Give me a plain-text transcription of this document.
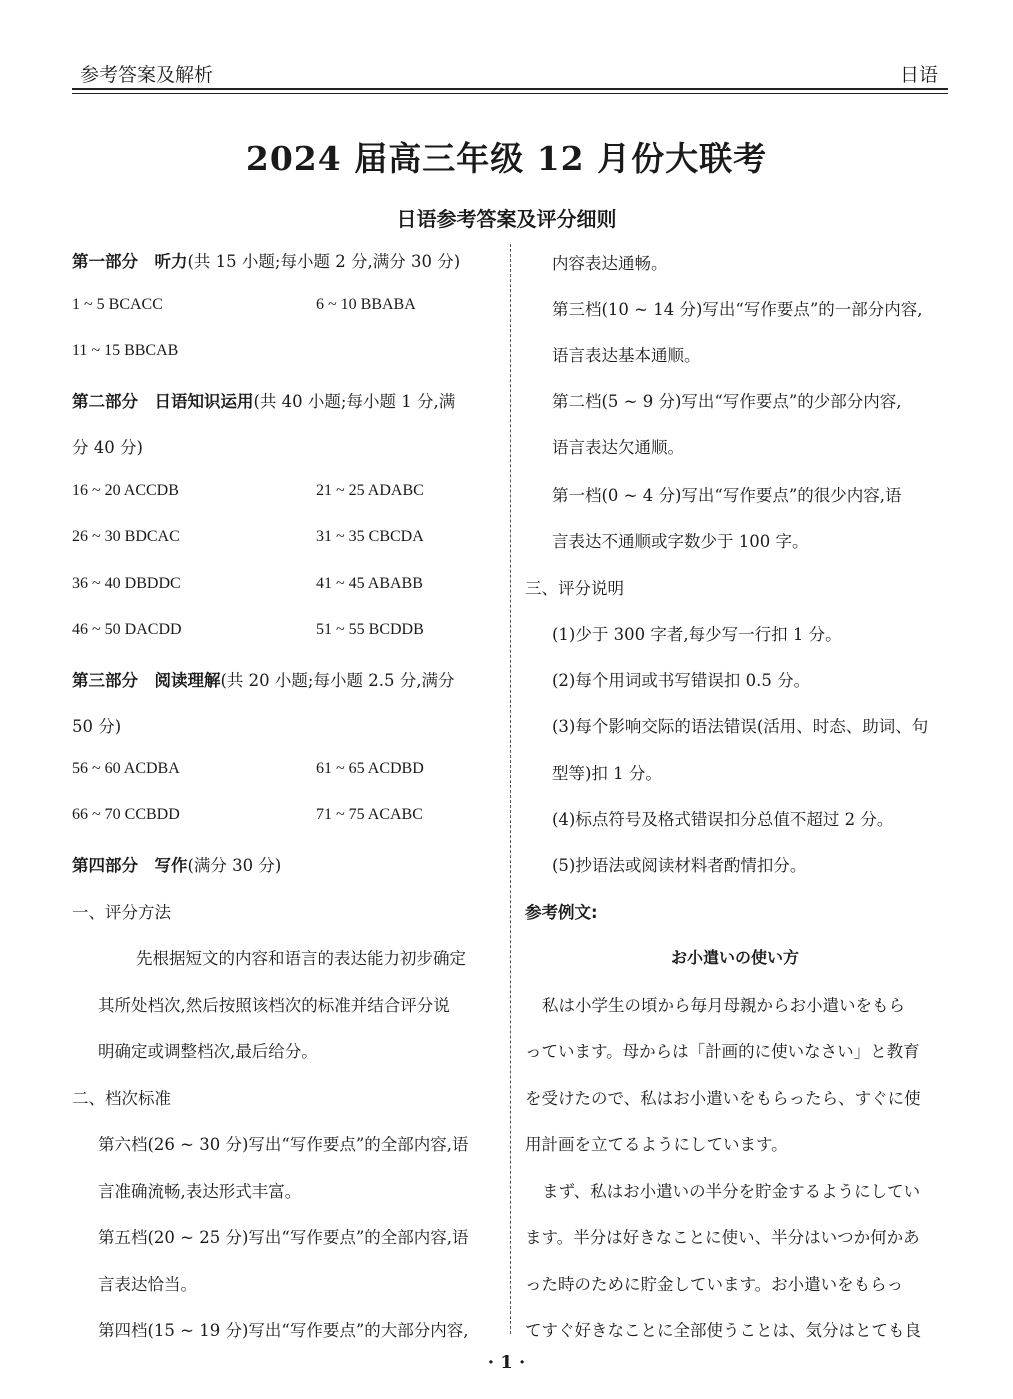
参考答案及解析	日语
2024 届高三年级 12 月份大联考
日语参考答案及评分细则
第一部分　听力(共 15 小题;每小题 2 分,满分 30 分)
1 ~ 5 BCACC	6 ~ 10 BBABA
11 ~ 15 BBCAB
第二部分　日语知识运用(共 40 小题;每小题 1 分,满
分 40 分)
16 ~ 20 ACCDB	21 ~ 25 ADABC
26 ~ 30 BDCAC	31 ~ 35 CBCDA
36 ~ 40 DBDDC	41 ~ 45 ABABB
46 ~ 50 DACDD	51 ~ 55 BCDDB
第三部分　阅读理解(共 20 小题;每小题 2.5 分,满分
50 分)
56 ~ 60 ACDBA	61 ~ 65 ACDBD
66 ~ 70 CCBDD	71 ~ 75 ACABC
第四部分　写作(满分 30 分)
一、评分方法
先根据短文的内容和语言的表达能力初步确定
其所处档次,然后按照该档次的标准并结合评分说
明确定或调整档次,最后给分。
二、档次标准
第六档(26 ~ 30 分)写出“写作要点”的全部内容,语
言准确流畅,表达形式丰富。
第五档(20 ~ 25 分)写出“写作要点”的全部内容,语
言表达恰当。
第四档(15 ~ 19 分)写出“写作要点”的大部分内容,
内容表达通畅。
第三档(10 ~ 14 分)写出“写作要点”的一部分内容,
语言表达基本通顺。
第二档(5 ~ 9 分)写出“写作要点”的少部分内容,
语言表达欠通顺。
第一档(0 ~ 4 分)写出“写作要点”的很少内容,语
言表达不通顺或字数少于 100 字。
三、评分说明
(1)少于 300 字者,每少写一行扣 1 分。
(2)每个用词或书写错误扣 0.5 分。
(3)每个影响交际的语法错误(活用、时态、助词、句
型等)扣 1 分。
(4)标点符号及格式错误扣分总值不超过 2 分。
(5)抄语法或阅读材料者酌情扣分。
参考例文:
お小遣いの使い方
私は小学生の頃から毎月母親からお小遣いをもら
っています。母からは「計画的に使いなさい」と教育
を受けたので、私はお小遣いをもらったら、すぐに使
用計画を立てるようにしています。
まず、私はお小遣いの半分を貯金するようにしてい
ます。半分は好きなことに使い、半分はいつか何かあ
った時のために貯金しています。お小遣いをもらっ
てすぐ好きなことに全部使うことは、気分はとても良
· 1 ·
